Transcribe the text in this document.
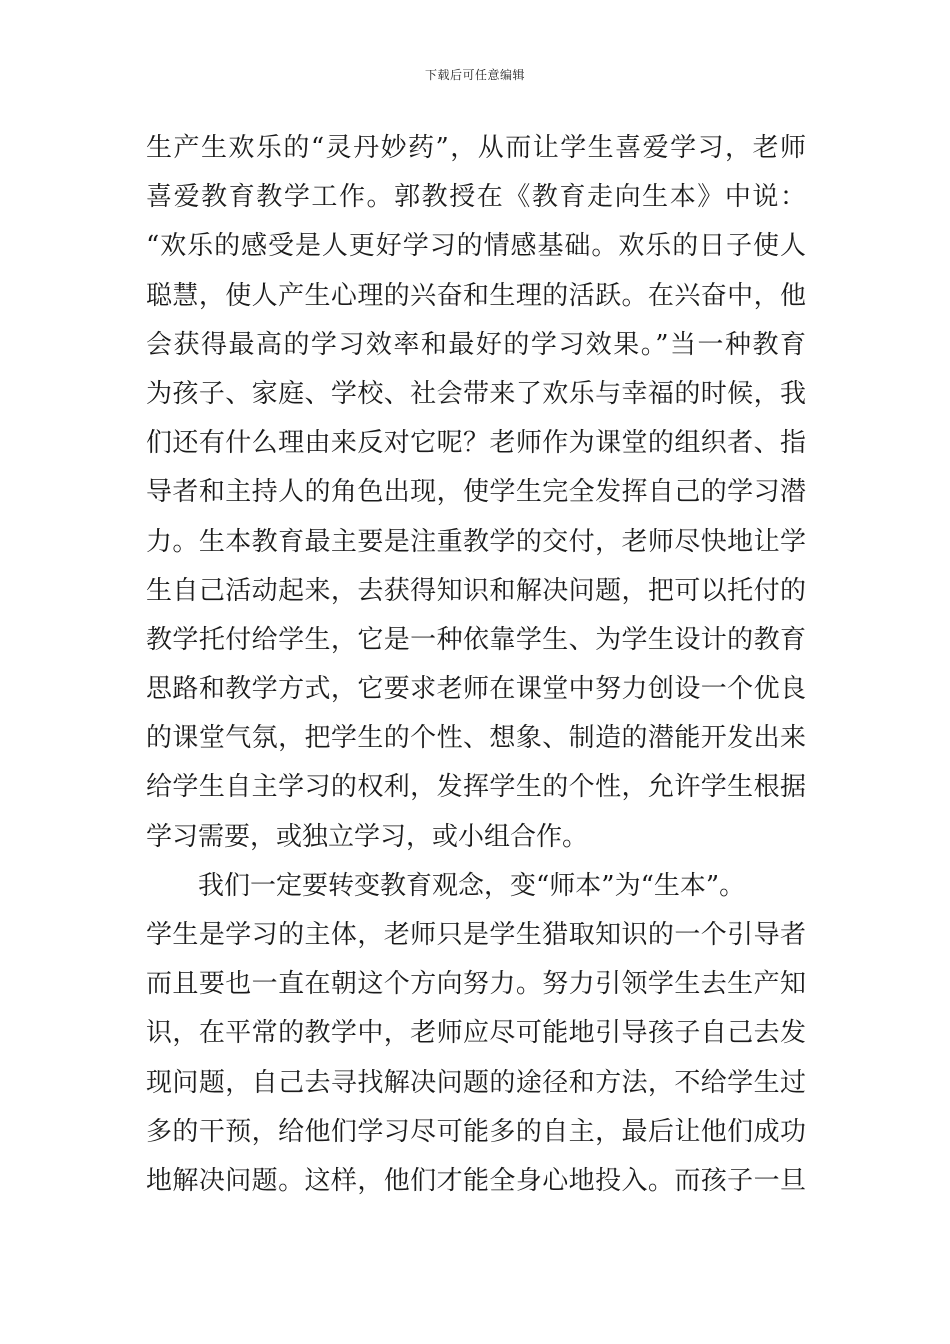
下载后可任意编辑
生产生欢乐的“灵丹妙药”，从而让学生喜爱学习，老师
喜爱教育教学工作。郭教授在《教育走向生本》中说：
“欢乐的感受是人更好学习的情感基础。欢乐的日子使人
聪慧，使人产生心理的兴奋和生理的活跃。在兴奋中，他
会获得最高的学习效率和最好的学习效果。”当一种教育
为孩子、家庭、学校、社会带来了欢乐与幸福的时候，我
们还有什么理由来反对它呢？老师作为课堂的组织者、指
导者和主持人的角色出现，使学生完全发挥自己的学习潜
力。生本教育最主要是注重教学的交付，老师尽快地让学
生自己活动起来，去获得知识和解决问题，把可以托付的
教学托付给学生，它是一种依靠学生、为学生设计的教育
思路和教学方式，它要求老师在课堂中努力创设一个优良
的课堂气氛，把学生的个性、想象、制造的潜能开发出来
给学生自主学习的权利，发挥学生的个性，允许学生根据
学习需要，或独立学习，或小组合作。
我们一定要转变教育观念，变“师本”为“生本”。
学生是学习的主体，老师只是学生猎取知识的一个引导者
而且要也一直在朝这个方向努力。努力引领学生去生产知
识，在平常的教学中，老师应尽可能地引导孩子自己去发
现问题，自己去寻找解决问题的途径和方法，不给学生过
多的干预，给他们学习尽可能多的自主，最后让他们成功
地解决问题。这样，他们才能全身心地投入。而孩子一旦
